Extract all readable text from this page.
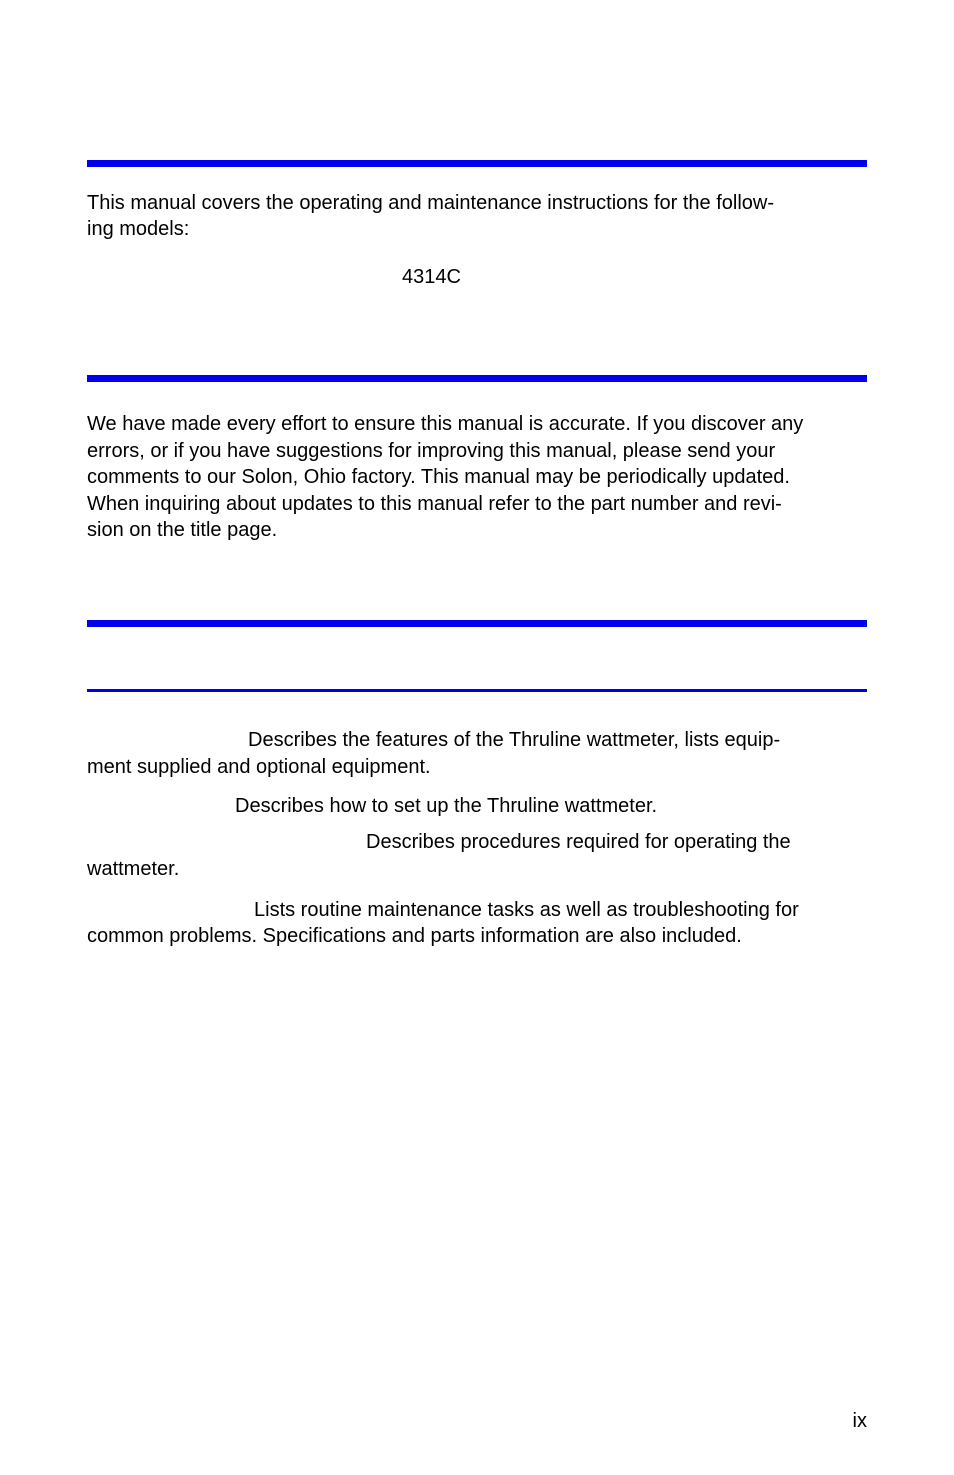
This manual covers the operating and maintenance instructions for the follow-
ing models:
4314C
We have made every effort to ensure this manual is accurate. If you discover any
errors, or if you have suggestions for improving this manual, please send your
comments to our Solon, Ohio factory. This manual may be periodically updated.
When inquiring about updates to this manual refer to the part number and revi-
sion on the title page.
Describes the features of the Thruline wattmeter, lists equip-
ment supplied and optional equipment.
Describes how to set up the Thruline wattmeter.
Describes procedures required for operating the
wattmeter.
Lists routine maintenance tasks as well as troubleshooting for
common problems. Specifications and parts information are also included.
ix
